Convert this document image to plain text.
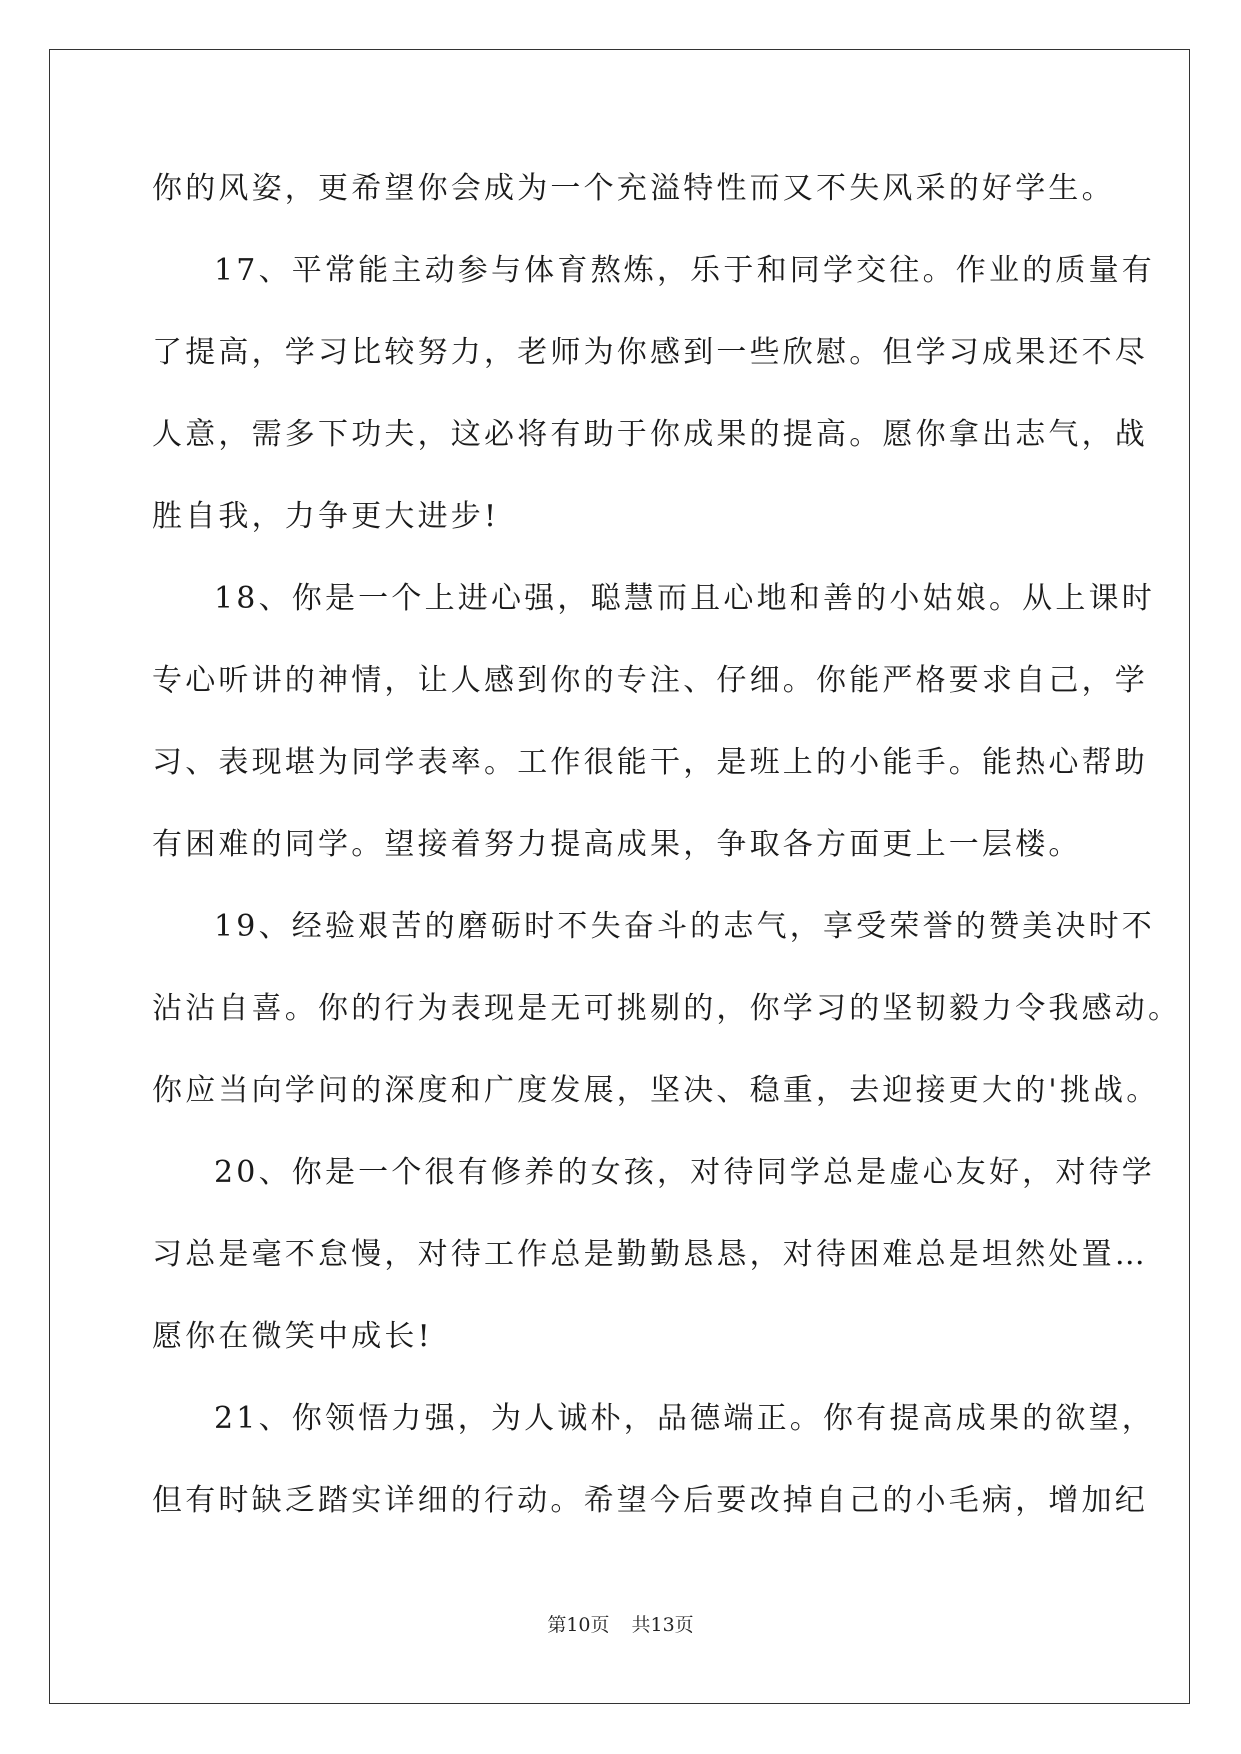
你的风姿，更希望你会成为一个充溢特性而又不失风采的好学生。
17、平常能主动参与体育熬炼，乐于和同学交往。作业的质量有
了提高，学习比较努力，老师为你感到一些欣慰。但学习成果还不尽
人意，需多下功夫，这必将有助于你成果的提高。愿你拿出志气，战
胜自我，力争更大进步!
18、你是一个上进心强，聪慧而且心地和善的小姑娘。从上课时
专心听讲的神情，让人感到你的专注、仔细。你能严格要求自己，学
习、表现堪为同学表率。工作很能干，是班上的小能手。能热心帮助
有困难的同学。望接着努力提高成果，争取各方面更上一层楼。
19、经验艰苦的磨砺时不失奋斗的志气，享受荣誉的赞美决时不
沾沾自喜。你的行为表现是无可挑剔的，你学习的坚韧毅力令我感动。
你应当向学问的深度和广度发展，坚决、稳重，去迎接更大的'挑战。
20、你是一个很有修养的女孩，对待同学总是虚心友好，对待学
习总是毫不怠慢，对待工作总是勤勤恳恳，对待困难总是坦然处置…
愿你在微笑中成长!
21、你领悟力强，为人诚朴，品德端正。你有提高成果的欲望，
但有时缺乏踏实详细的行动。希望今后要改掉自己的小毛病，增加纪
第10页 共13页
